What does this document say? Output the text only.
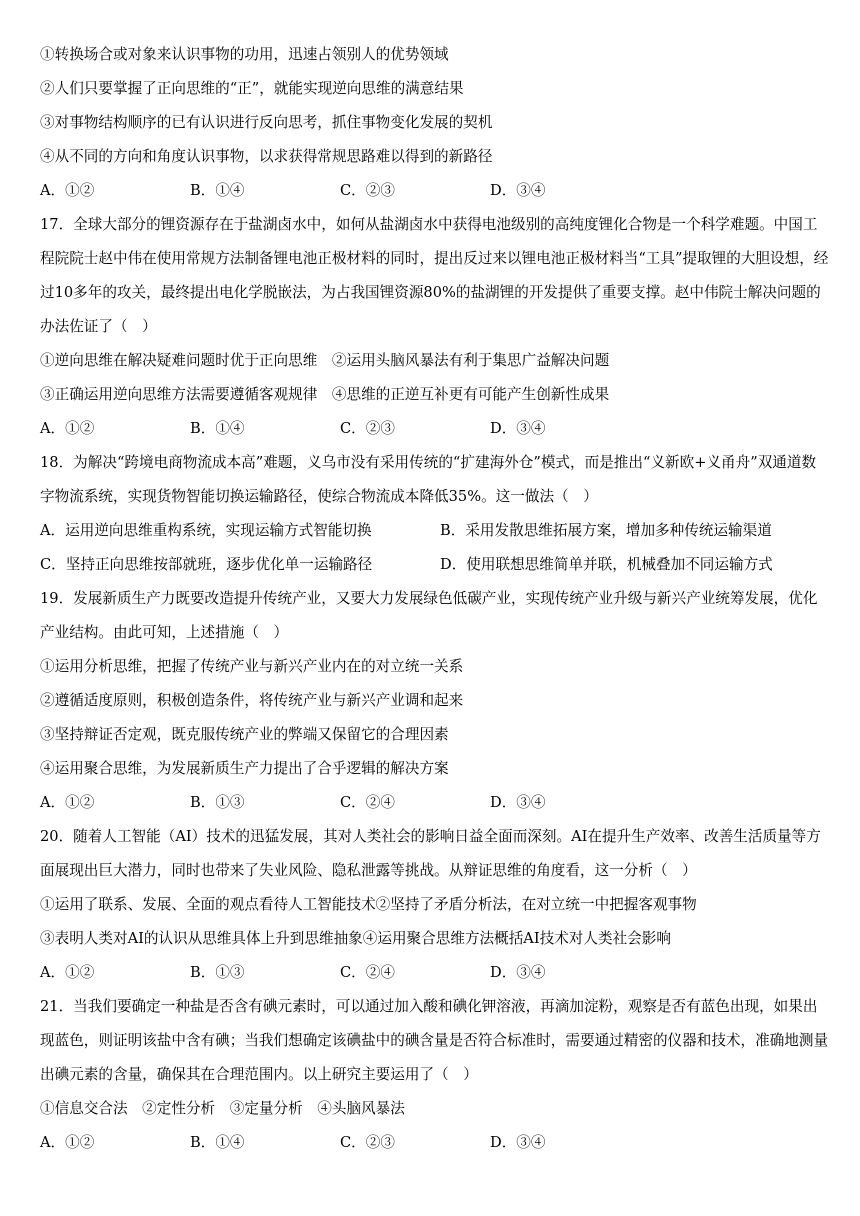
①转换场合或对象来认识事物的功用，迅速占领别人的优势领域
②人们只要掌握了正向思维的“正”，就能实现逆向思维的满意结果
③对事物结构顺序的已有认识进行反向思考，抓住事物变化发展的契机
④从不同的方向和角度认识事物，以求获得常规思路难以得到的新路径
A．①②	B．①④	C．②③	D．③④
17．全球大部分的锂资源存在于盐湖卤水中，如何从盐湖卤水中获得电池级别的高纯度锂化合物是一个科学难题。中国工程院院士赵中伟在使用常规方法制备锂电池正极材料的同时，提出反过来以锂电池正极材料当“工具”提取锂的大胆设想，经过10多年的攻关，最终提出电化学脱嵌法，为占我国锂资源80%的盐湖锂的开发提供了重要支撑。赵中伟院士解决问题的办法佐证了（　）
①逆向思维在解决疑难问题时优于正向思维　②运用头脑风暴法有利于集思广益解决问题
③正确运用逆向思维方法需要遵循客观规律　④思维的正逆互补更有可能产生创新性成果
A．①②	B．①④	C．②③	D．③④
18．为解决“跨境电商物流成本高”难题，义乌市没有采用传统的“扩建海外仓”模式，而是推出“义新欧+义甬舟”双通道数字物流系统，实现货物智能切换运输路径，使综合物流成本降低35%。这一做法（　）
A．运用逆向思维重构系统，实现运输方式智能切换	B．采用发散思维拓展方案，增加多种传统运输渠道
C．坚持正向思维按部就班，逐步优化单一运输路径	D．使用联想思维简单并联，机械叠加不同运输方式
19．发展新质生产力既要改造提升传统产业，又要大力发展绿色低碳产业，实现传统产业升级与新兴产业统筹发展，优化产业结构。由此可知，上述措施（　）
①运用分析思维，把握了传统产业与新兴产业内在的对立统一关系
②遵循适度原则，积极创造条件，将传统产业与新兴产业调和起来
③坚持辩证否定观，既克服传统产业的弊端又保留它的合理因素
④运用聚合思维，为发展新质生产力提出了合乎逻辑的解决方案
A．①②	B．①③	C．②④	D．③④
20．随着人工智能（AI）技术的迅猛发展，其对人类社会的影响日益全面而深刻。AI在提升生产效率、改善生活质量等方面展现出巨大潜力，同时也带来了失业风险、隐私泄露等挑战。从辩证思维的角度看，这一分析（　）
①运用了联系、发展、全面的观点看待人工智能技术②坚持了矛盾分析法，在对立统一中把握客观事物
③表明人类对AI的认识从思维具体上升到思维抽象④运用聚合思维方法概括AI技术对人类社会影响
A．①②	B．①③	C．②④	D．③④
21．当我们要确定一种盐是否含有碘元素时，可以通过加入酸和碘化钾溶液，再滴加淀粉，观察是否有蓝色出现，如果出现蓝色，则证明该盐中含有碘；当我们想确定该碘盐中的碘含量是否符合标准时，需要通过精密的仪器和技术，准确地测量出碘元素的含量，确保其在合理范围内。以上研究主要运用了（　）
①信息交合法　②定性分析　③定量分析　④头脑风暴法
A．①②	B．①④	C．②③	D．③④
